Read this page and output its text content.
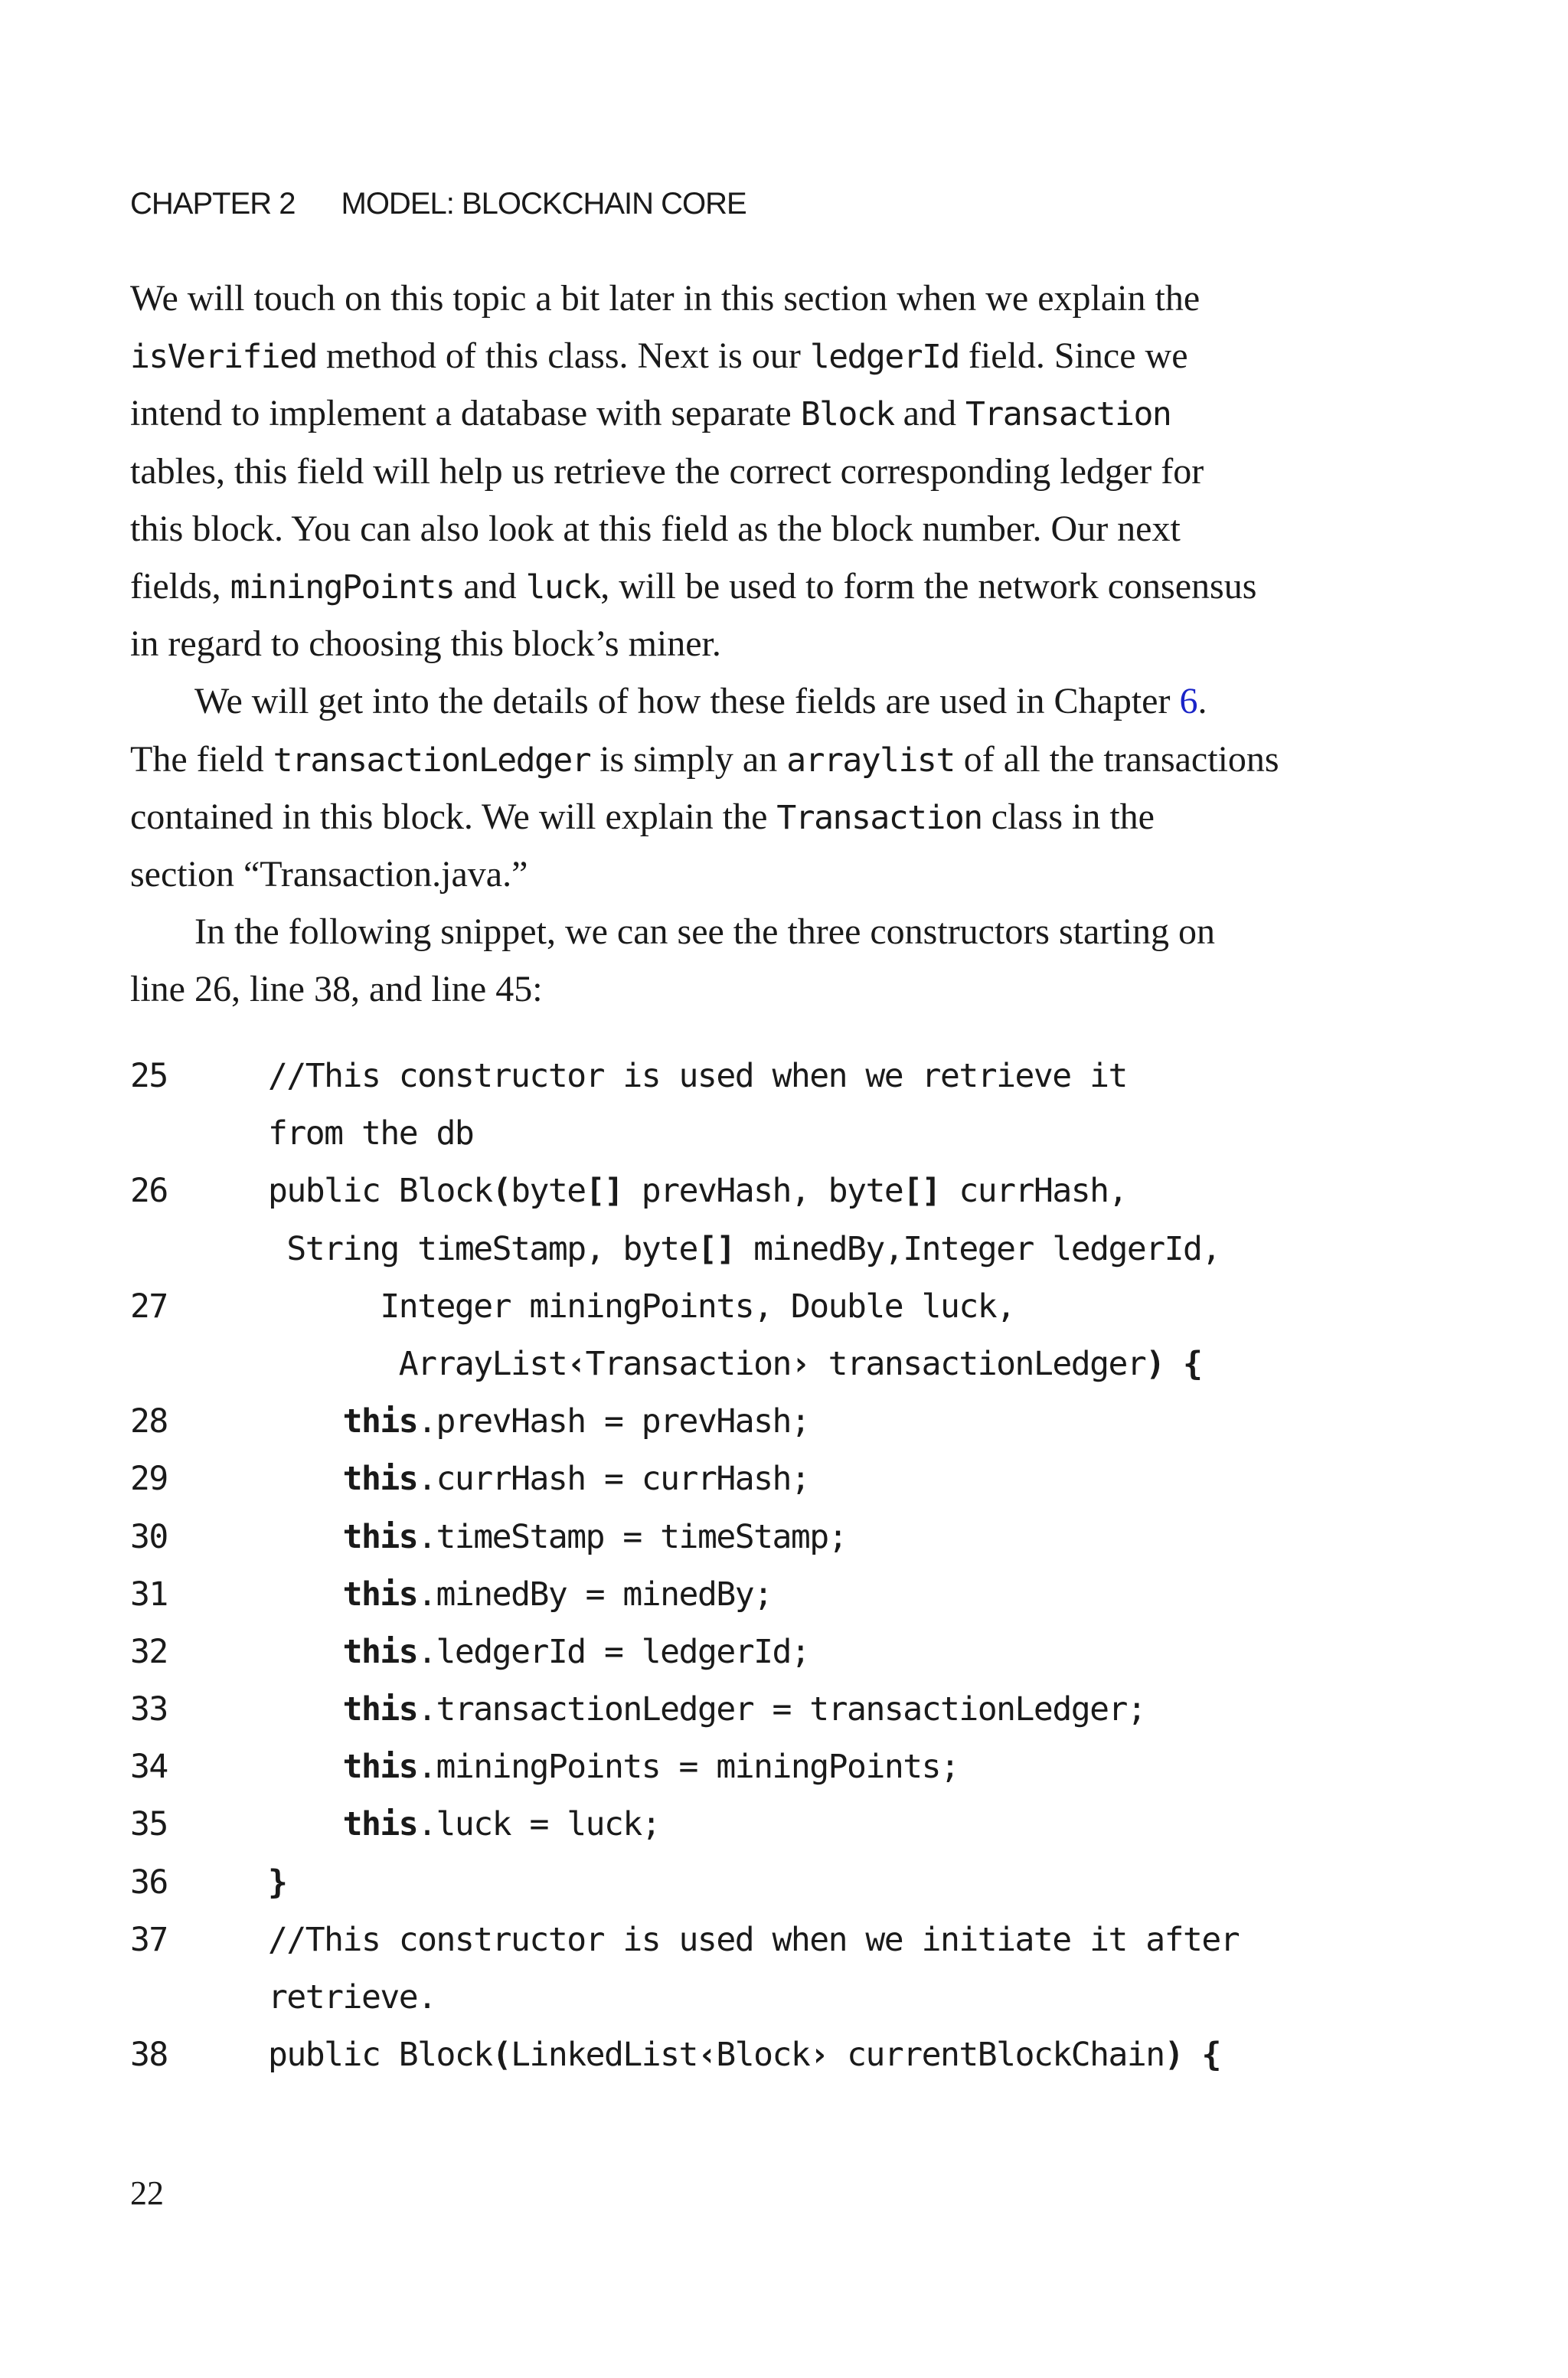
CHAPTER 2 MODEL: BLOCKCHAIN CORE

We will touch on this topic a bit later in this section when we explain the
isVerified method of this class. Next is our ledgerId field. Since we
intend to implement a database with separate Block and Transaction
tables, this field will help us retrieve the correct corresponding ledger for
this block. You can also look at this field as the block number. Our next
fields, miningPoints and luck, will be used to form the network consensus
in regard to choosing this block’s miner.

We will get into the details of how these fields are used in Chapter 6.
The field transactionLedger is simply an arraylist of all the transactions
contained in this block. We will explain the Transaction class in the
section “Transaction.java.”

In the following snippet, we can see the three constructors starting on
line 26, line 38, and line 45:

25	//This constructor is used when we retrieve it
from the db
26	public Block(byte[] prevHash, byte[] currHash,
String timeStamp, byte[] minedBy,Integer ledgerId,
27	Integer miningPoints, Double luck,
ArrayList‹Transaction› transactionLedger) {
28	this.prevHash = prevHash;
29	this.currHash = currHash;
30	this.timeStamp = timeStamp;
31	this.minedBy = minedBy;
32	this.ledgerId = ledgerId;
33	this.transactionLedger = transactionLedger;
34	this.miningPoints = miningPoints;
35	this.luck = luck;
36	}
37	//This constructor is used when we initiate it after
retrieve.
38	public Block(LinkedList‹Block› currentBlockChain) {
22
